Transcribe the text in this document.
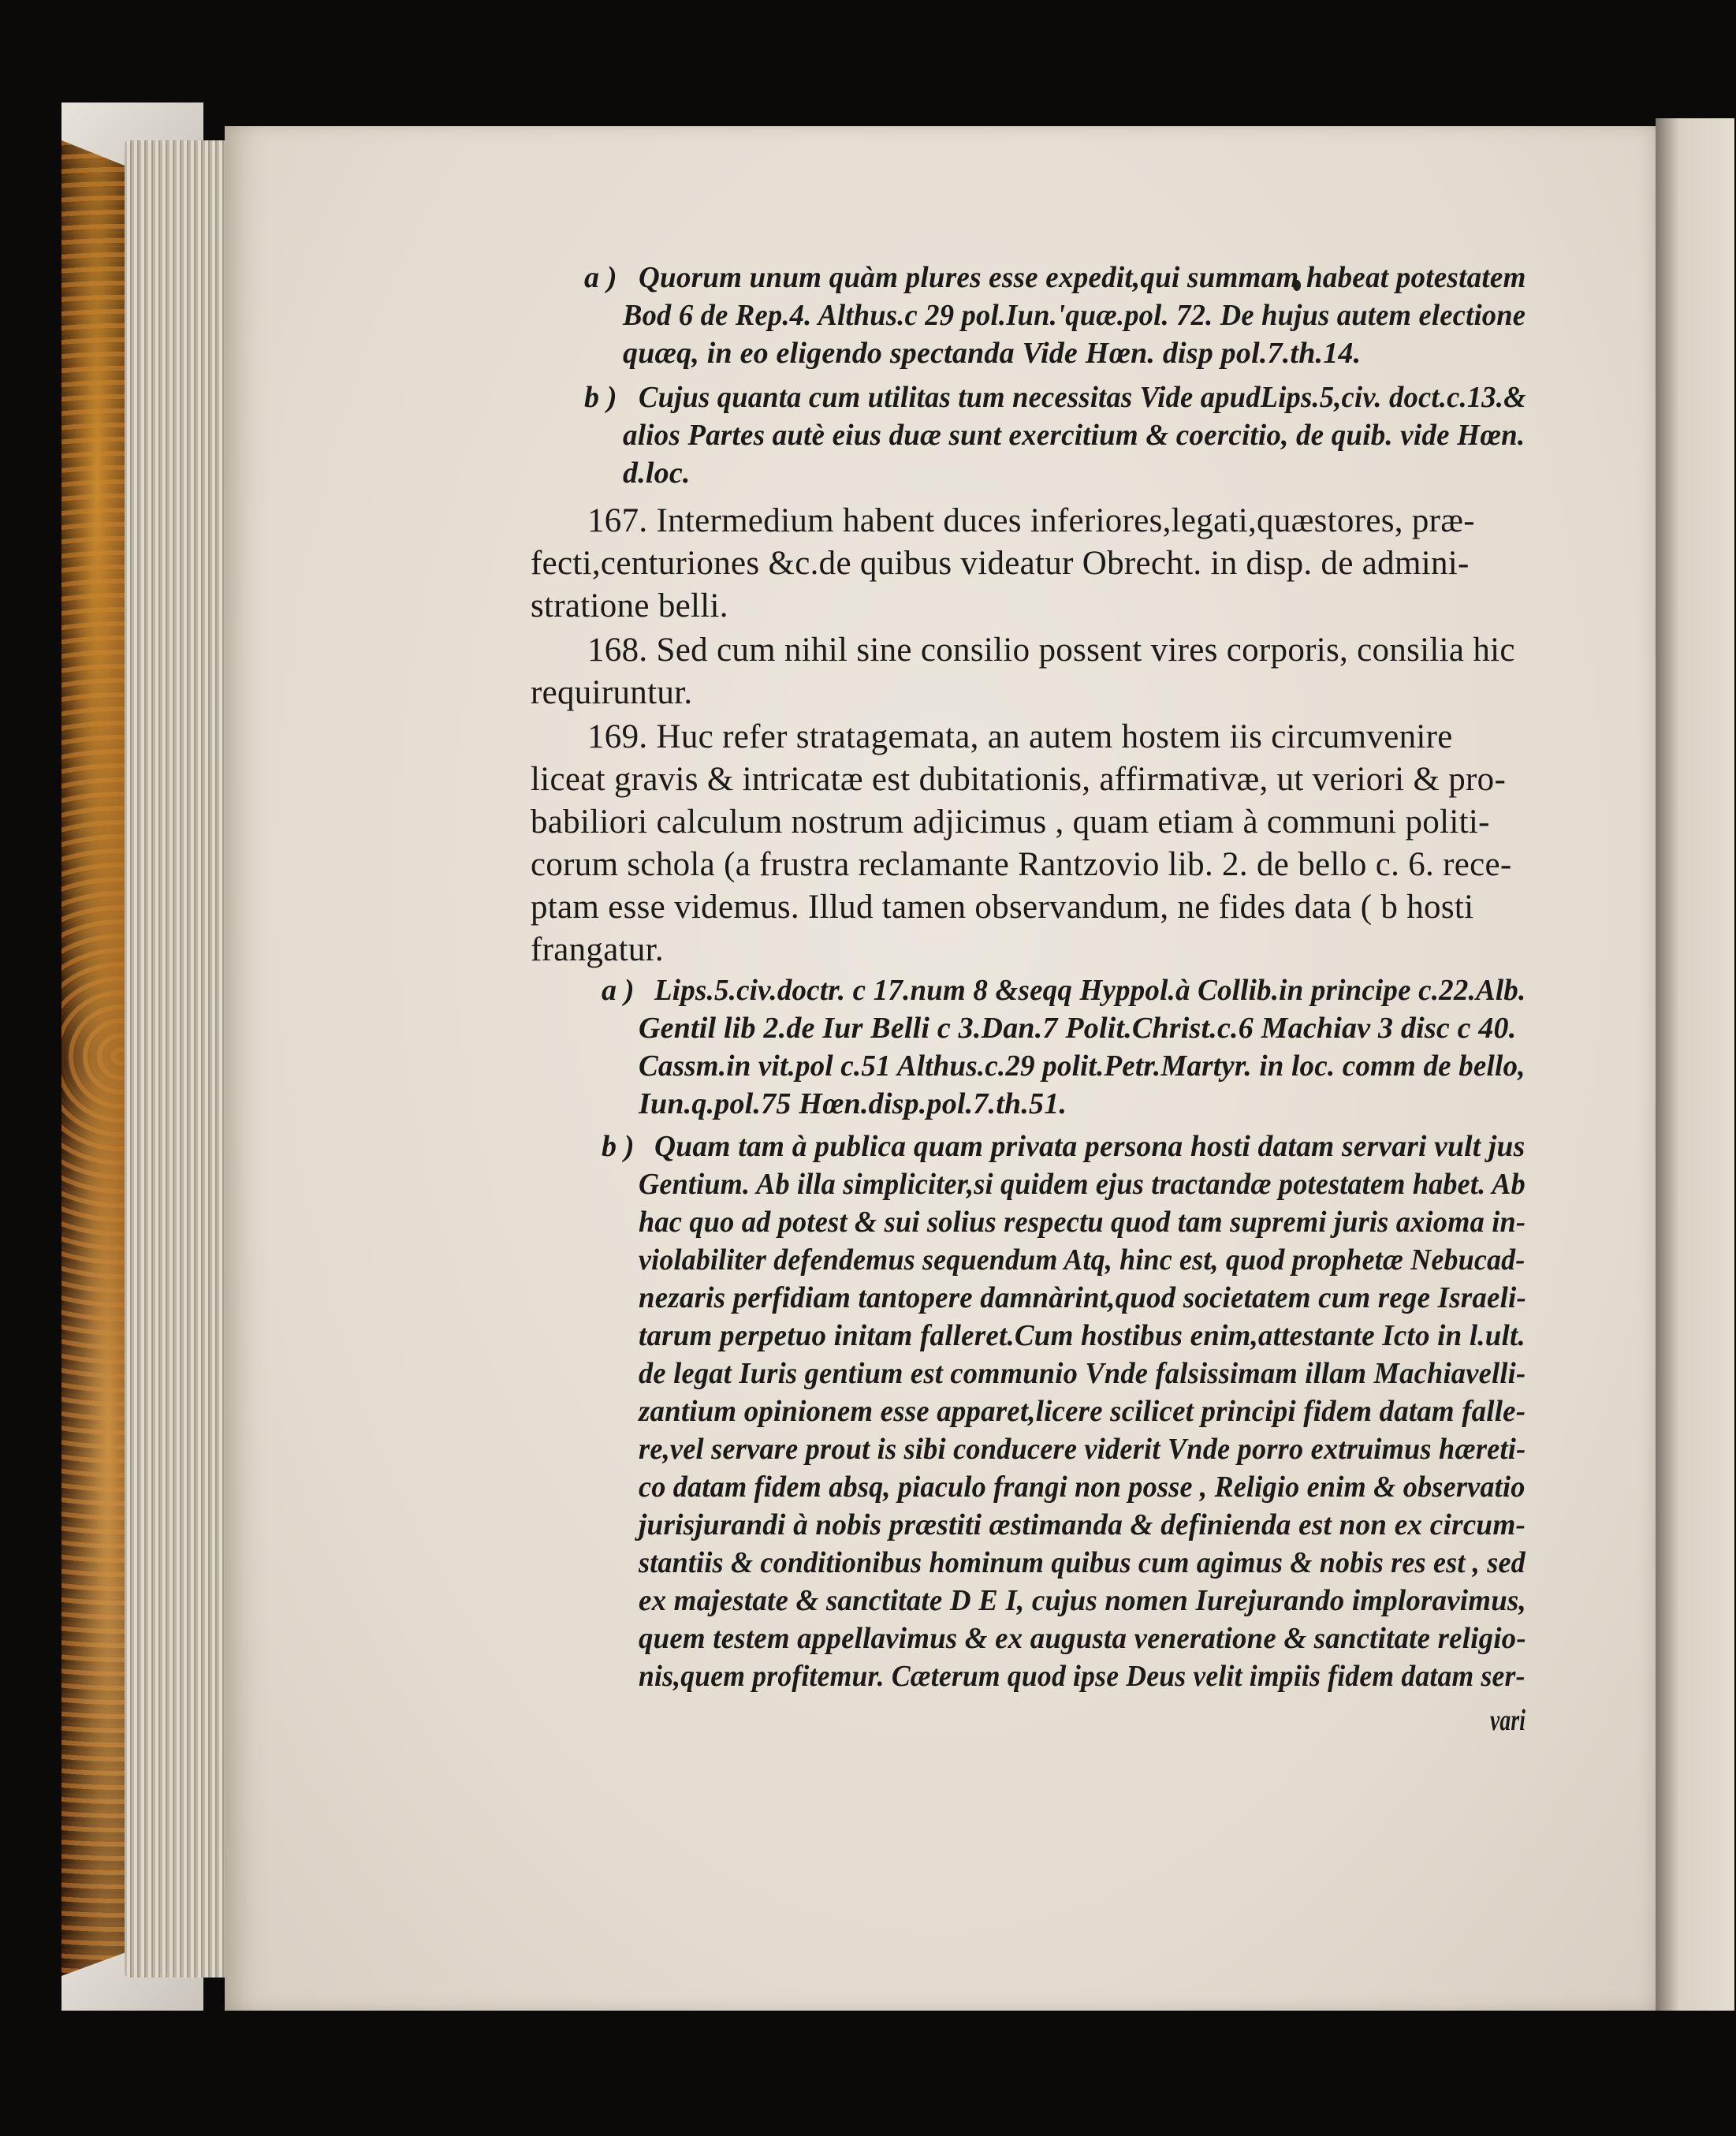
a ) Quorum unum quàm plures esse expedit,qui summam habeat potestatem
Bod 6 de Rep.4. Althus.c 29 pol.Iun.'quæ.pol. 72. De hujus autem electione
quæq, in eo eligendo spectanda Vide Hœn. disp pol.7.th.14.
b ) Cujus quanta cum utilitas tum necessitas Vide apudLips.5,civ. doct.c.13.&
alios Partes autè eius duæ sunt exercitium & coercitio, de quib. vide Hœn.
d.loc.
167. Intermedium habent duces inferiores,legati,quæstores, præ-
fecti,centuriones &c.de quibus videatur Obrecht. in disp. de admini-
stratione belli.
168. Sed cum nihil sine consilio possent vires corporis, consilia hic
requiruntur.
169. Huc refer stratagemata, an autem hostem iis circumvenire
liceat gravis & intricatæ est dubitationis, affirmativæ, ut veriori & pro-
babiliori calculum nostrum adjicimus , quam etiam à communi politi-
corum schola (a frustra reclamante Rantzovio lib. 2. de bello c. 6. rece-
ptam esse videmus. Illud tamen observandum, ne fides data ( b hosti
frangatur.
a ) Lips.5.civ.doctr. c 17.num 8 &seqq Hyppol.à Collib.in principe c.22.Alb.
Gentil lib 2.de Iur Belli c 3.Dan.7 Polit.Christ.c.6 Machiav 3 disc c 40.
Cassm.in vit.pol c.51 Althus.c.29 polit.Petr.Martyr. in loc. comm de bello,
Iun.q.pol.75 Hœn.disp.pol.7.th.51.
b ) Quam tam à publica quam privata persona hosti datam servari vult jus
Gentium. Ab illa simpliciter,si quidem ejus tractandæ potestatem habet. Ab
hac quo ad potest & sui solius respectu quod tam supremi juris axioma in-
violabiliter defendemus sequendum Atq, hinc est, quod prophetæ Nebucad-
nezaris perfidiam tantopere damnàrint,quod societatem cum rege Israeli-
tarum perpetuo initam falleret.Cum hostibus enim,attestante Icto in l.ult.
de legat Iuris gentium est communio Vnde falsissimam illam Machiavelli-
zantium opinionem esse apparet,licere scilicet principi fidem datam falle-
re,vel servare prout is sibi conducere viderit Vnde porro extruimus hæreti-
co datam fidem absq, piaculo frangi non posse , Religio enim & observatio
jurisjurandi à nobis præstiti æstimanda & definienda est non ex circum-
stantiis & conditionibus hominum quibus cum agimus & nobis res est , sed
ex majestate & sanctitate D E I, cujus nomen Iurejurando imploravimus,
quem testem appellavimus & ex augusta veneratione & sanctitate religio-
nis,quem profitemur. Cæterum quod ipse Deus velit impiis fidem datam ser-
vari
